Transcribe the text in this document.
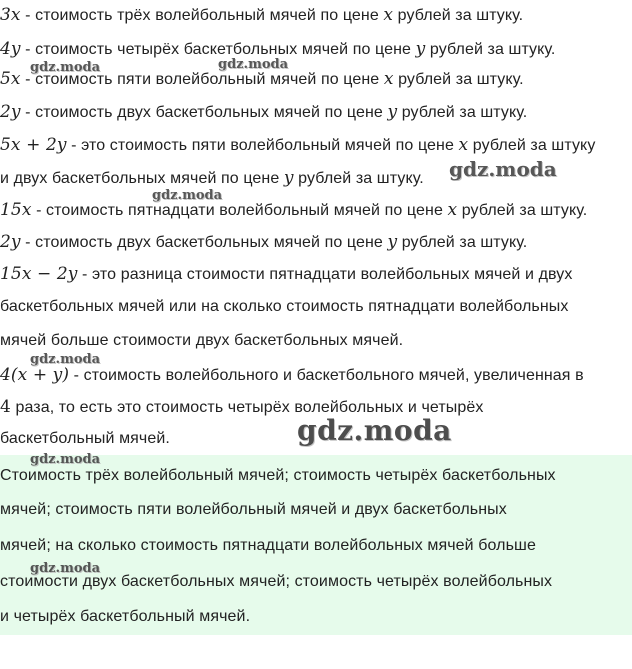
3x - стоимость трёх волейбольный мячей по цене x рублей за штуку.
4y - стоимость четырёх баскетбольных мячей по цене y рублей за штуку.
5x - стоимость пяти волейбольный мячей по цене x рублей за штуку.
2y - стоимость двух баскетбольных мячей по цене y рублей за штуку.
5x + 2y - это стоимость пяти волейбольный мячей по цене x рублей за штуку
и двух баскетбольных мячей по цене y рублей за штуку.
15x - стоимость пятнадцати волейбольный мячей по цене x рублей за штуку.
2y - стоимость двух баскетбольных мячей по цене y рублей за штуку.
15x − 2y - это разница стоимости пятнадцати волейбольных мячей и двух
баскетбольных мячей или на сколько стоимость пятнадцати волейбольных
мячей больше стоимости двух баскетбольных мячей.
4(x + y) - стоимость волейбольного и баскетбольного мячей, увеличенная в
4 раза, то есть это стоимость четырёх волейбольных и четырёх
баскетбольный мячей.
Стоимость трёх волейбольный мячей; стоимость четырёх баскетбольных
мячей; стоимость пяти волейбольный мячей и двух баскетбольных
мячей; на сколько стоимость пятнадцати волейбольных мячей больше
стоимости двух баскетбольных мячей; стоимость четырёх волейбольных
и четырёх баскетбольный мячей.
gdz.moda	gdz.moda
gdz.moda
gdz.moda
gdz.moda
gdz.moda
gdz.moda
gdz.moda
